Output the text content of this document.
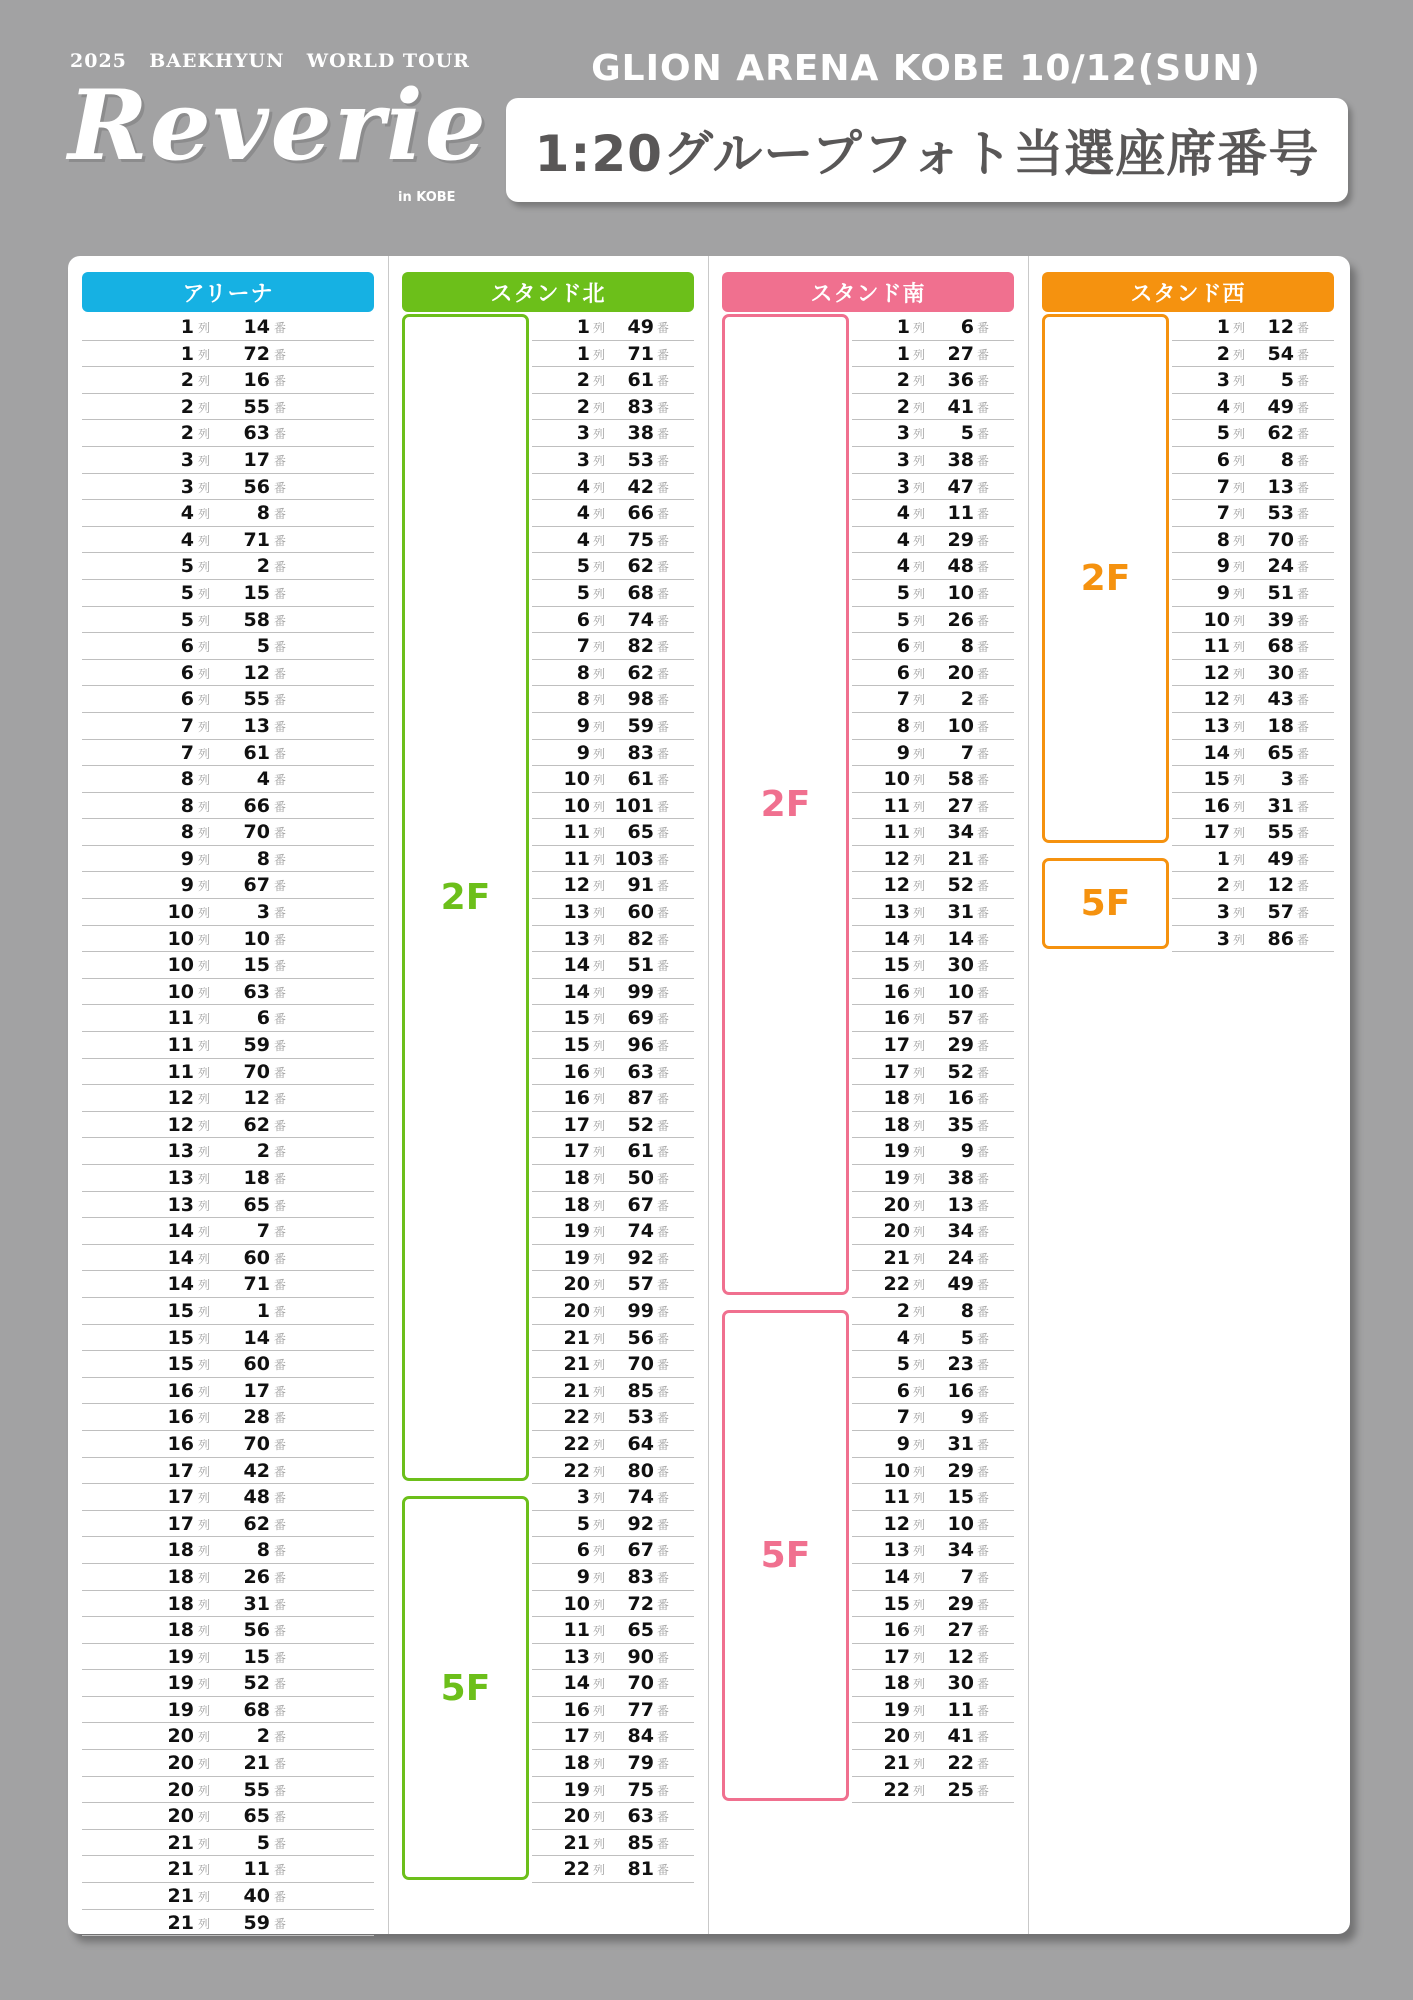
2025 BAEKHYUN WORLD TOUR
Reverie
in KOBE
GLION ARENA KOBE 10/12(SUN)
1:20グループフォト当選座席番号
アリーナ
1 列 14 番
1 列 72 番
2 列 16 番
2 列 55 番
2 列 63 番
3 列 17 番
3 列 56 番
4 列 8 番
4 列 71 番
5 列 2 番
5 列 15 番
5 列 58 番
6 列 5 番
6 列 12 番
6 列 55 番
7 列 13 番
7 列 61 番
8 列 4 番
8 列 66 番
8 列 70 番
9 列 8 番
9 列 67 番
10 列 3 番
10 列 10 番
10 列 15 番
10 列 63 番
11 列 6 番
11 列 59 番
11 列 70 番
12 列 12 番
12 列 62 番
13 列 2 番
13 列 18 番
13 列 65 番
14 列 7 番
14 列 60 番
14 列 71 番
15 列 1 番
15 列 14 番
15 列 60 番
16 列 17 番
16 列 28 番
16 列 70 番
17 列 42 番
17 列 48 番
17 列 62 番
18 列 8 番
18 列 26 番
18 列 31 番
18 列 56 番
19 列 15 番
19 列 52 番
19 列 68 番
20 列 2 番
20 列 21 番
20 列 55 番
20 列 65 番
21 列 5 番
21 列 11 番
21 列 40 番
21 列 59 番
スタンド北
1 列 49 番
1 列 71 番
2 列 61 番
2 列 83 番
3 列 38 番
3 列 53 番
4 列 42 番
4 列 66 番
4 列 75 番
5 列 62 番
5 列 68 番
6 列 74 番
7 列 82 番
8 列 62 番
8 列 98 番
9 列 59 番
9 列 83 番
10 列 61 番
10 列 101 番
11 列 65 番
11 列 103 番
12 列 91 番
13 列 60 番
13 列 82 番
14 列 51 番
14 列 99 番
15 列 69 番
15 列 96 番
16 列 63 番
16 列 87 番
17 列 52 番
17 列 61 番
18 列 50 番
18 列 67 番
19 列 74 番
19 列 92 番
20 列 57 番
20 列 99 番
21 列 56 番
21 列 70 番
21 列 85 番
22 列 53 番
22 列 64 番
22 列 80 番
3 列 74 番
5 列 92 番
6 列 67 番
9 列 83 番
10 列 72 番
11 列 65 番
13 列 90 番
14 列 70 番
16 列 77 番
17 列 84 番
18 列 79 番
19 列 75 番
20 列 63 番
21 列 85 番
22 列 81 番
2F
5F
スタンド南
1 列 6 番
1 列 27 番
2 列 36 番
2 列 41 番
3 列 5 番
3 列 38 番
3 列 47 番
4 列 11 番
4 列 29 番
4 列 48 番
5 列 10 番
5 列 26 番
6 列 8 番
6 列 20 番
7 列 2 番
8 列 10 番
9 列 7 番
10 列 58 番
11 列 27 番
11 列 34 番
12 列 21 番
12 列 52 番
13 列 31 番
14 列 14 番
15 列 30 番
16 列 10 番
16 列 57 番
17 列 29 番
17 列 52 番
18 列 16 番
18 列 35 番
19 列 9 番
19 列 38 番
20 列 13 番
20 列 34 番
21 列 24 番
22 列 49 番
2 列 8 番
4 列 5 番
5 列 23 番
6 列 16 番
7 列 9 番
9 列 31 番
10 列 29 番
11 列 15 番
12 列 10 番
13 列 34 番
14 列 7 番
15 列 29 番
16 列 27 番
17 列 12 番
18 列 30 番
19 列 11 番
20 列 41 番
21 列 22 番
22 列 25 番
2F
5F
スタンド西
1 列 12 番
2 列 54 番
3 列 5 番
4 列 49 番
5 列 62 番
6 列 8 番
7 列 13 番
7 列 53 番
8 列 70 番
9 列 24 番
9 列 51 番
10 列 39 番
11 列 68 番
12 列 30 番
12 列 43 番
13 列 18 番
14 列 65 番
15 列 3 番
16 列 31 番
17 列 55 番
1 列 49 番
2 列 12 番
3 列 57 番
3 列 86 番
2F
5F
